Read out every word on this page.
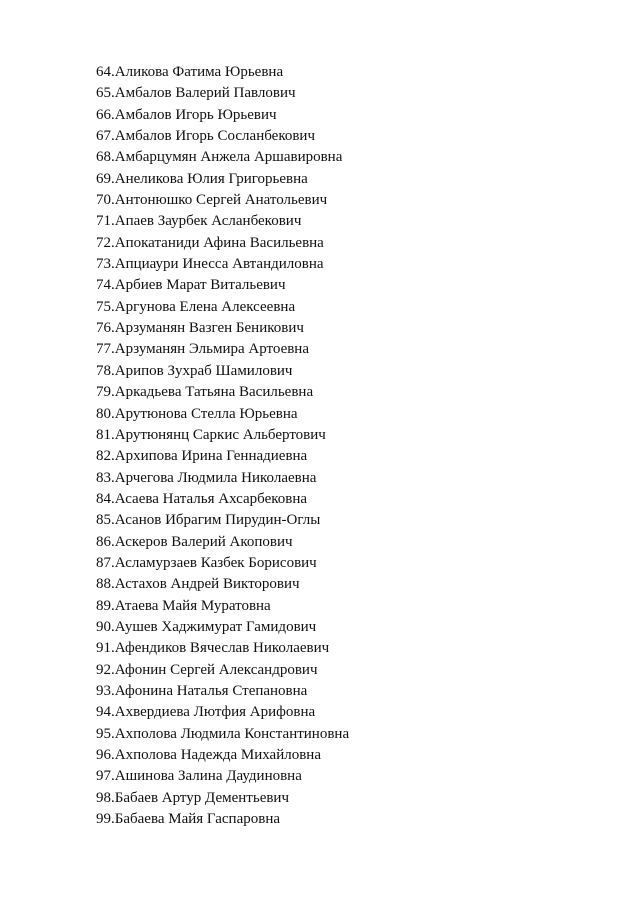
64.Аликова Фатима Юрьевна
65.Амбалов Валерий Павлович
66.Амбалов Игорь Юрьевич
67.Амбалов Игорь Сосланбекович
68.Амбарцумян Анжела Аршавировна
69.Анеликова Юлия Григорьевна
70.Антонюшко Сергей Анатольевич
71.Апаев Заурбек Асланбекович
72.Апокатаниди Афина Васильевна
73.Апциаури Инесса Автандиловна
74.Арбиев Марат Витальевич
75.Аргунова Елена Алексеевна
76.Арзуманян Вазген Беникович
77.Арзуманян Эльмира Артоевна
78.Арипов Зухраб Шамилович
79.Аркадьева Татьяна Васильевна
80.Арутюнова Стелла Юрьевна
81.Арутюнянц Саркис Альбертович
82.Архипова Ирина Геннадиевна
83.Арчегова Людмила Николаевна
84.Асаева Наталья Ахсарбековна
85.Асанов Ибрагим Пирудин-Оглы
86.Аскеров Валерий Акопович
87.Асламурзаев Казбек Борисович
88.Астахов Андрей Викторович
89.Атаева Майя Муратовна
90.Аушев Хаджимурат Гамидович
91.Афендиков Вячеслав Николаевич
92.Афонин Сергей Александрович
93.Афонина Наталья Степановна
94.Ахвердиева Лютфия Арифовна
95.Ахполова Людмила Константиновна
96.Ахполова Надежда Михайловна
97.Ашинова Залина Даудиновна
98.Бабаев Артур Дементьевич
99.Бабаева Майя Гаспаровна
